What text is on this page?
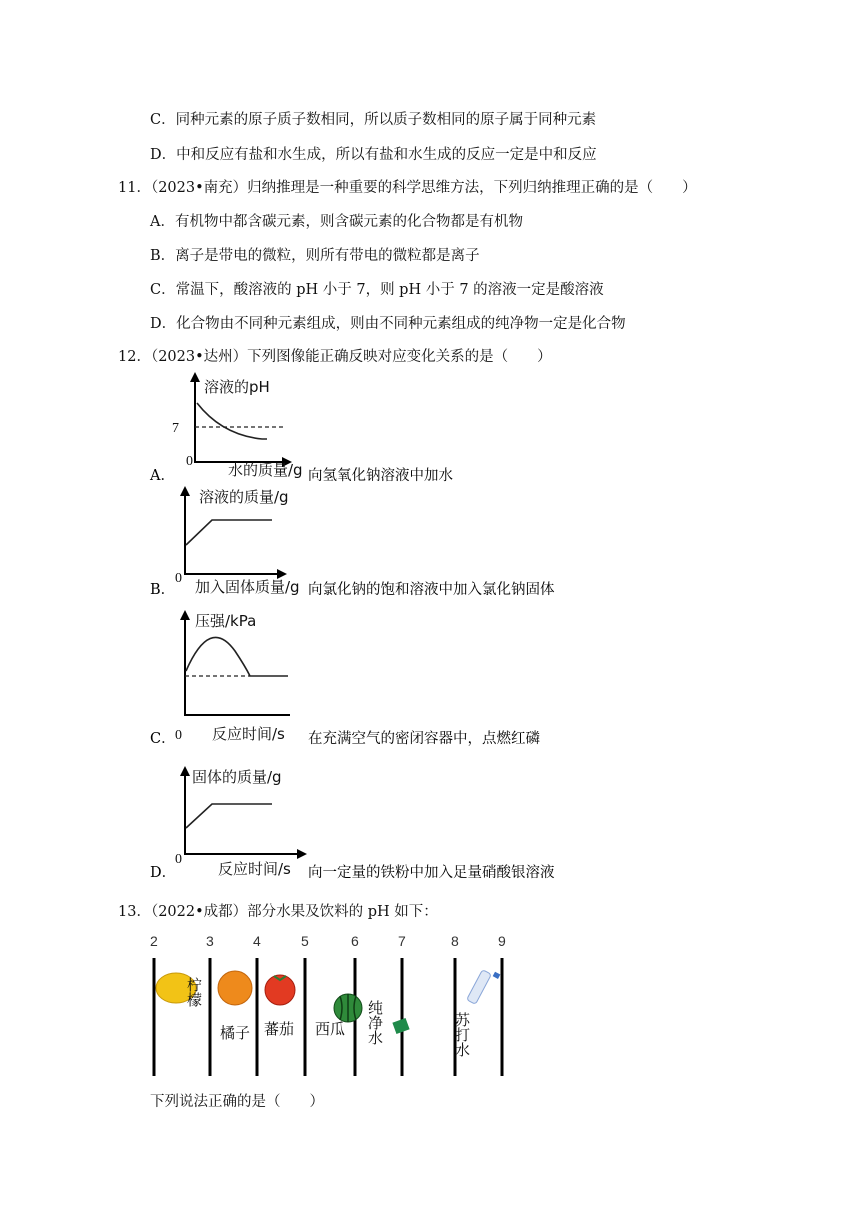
C．同种元素的原子质子数相同，所以质子数相同的原子属于同种元素
D．中和反应有盐和水生成，所以有盐和水生成的反应一定是中和反应
11．（2023•南充）归纳推理是一种重要的科学思维方法，下列归纳推理正确的是（　　）
A．有机物中都含碳元素，则含碳元素的化合物都是有机物
B．离子是带电的微粒，则所有带电的微粒都是离子
C．常温下，酸溶液的 pH 小于 7，则 pH 小于 7 的溶液一定是酸溶液
D．化合物由不同种元素组成，则由不同种元素组成的纯净物一定是化合物
12．（2023•达州）下列图像能正确反映对应变化关系的是（　　）
A．
溶液的pH
7
0 水的质量/g 向氢氧化钠溶液中加水
B．
溶液的质量/g
0 加入固体质量/g 向氯化钠的饱和溶液中加入氯化钠固体
C．
压强/kPa
0 反应时间/s 在充满空气的密闭容器中，点燃红磷
D．
固体的质量/g
0
反应时间/s 向一定量的铁粉中加入足量硝酸银溶液
13．（2022•成都）部分水果及饮料的 pH 如下：
2	3	4	5	6	7	8	9
柠檬
橘子 蕃茄 西瓜 纯净水	苏打水
下列说法正确的是（　　）
